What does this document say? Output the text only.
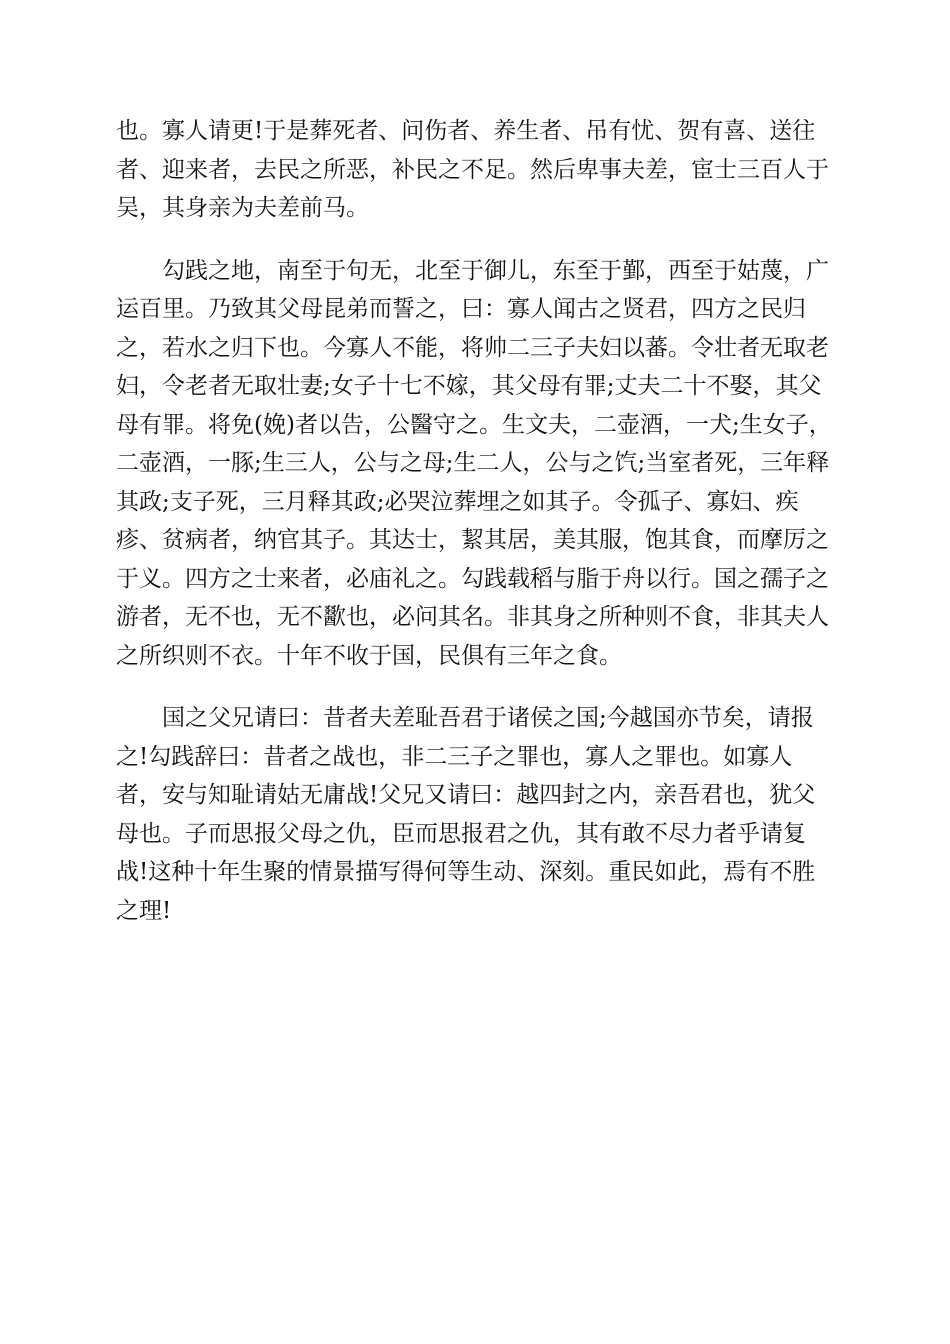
也。寡人请更!于是葬死者、问伤者、养生者、吊有忧、贺有喜、送往者、迎来者，去民之所恶，补民之不足。然后卑事夫差，宦士三百人于吴，其身亲为夫差前马。

勾践之地，南至于句无，北至于御儿，东至于鄞，西至于姑蔑，广运百里。乃致其父母昆弟而誓之，曰：寡人闻古之贤君，四方之民归之，若水之归下也。今寡人不能，将帅二三子夫妇以蕃。令壮者无取老妇，令老者无取壮妻;女子十七不嫁，其父母有罪;丈夫二十不娶，其父母有罪。将免(娩)者以告，公醫守之。生文夫，二壶酒，一犬;生女子，二壶酒，一豚;生三人，公与之母;生二人，公与之饩;当室者死，三年释其政;支子死，三月释其政;必哭泣葬埋之如其子。令孤子、寡妇、疾疹、贫病者，纳官其子。其达士，絜其居，美其服，饱其食，而摩厉之于义。四方之士来者，必庙礼之。勾践载稻与脂于舟以行。国之孺子之游者，无不也，无不歠也，必问其名。非其身之所种则不食，非其夫人之所织则不衣。十年不收于国，民俱有三年之食。

国之父兄请曰：昔者夫差耻吾君于诸侯之国;今越国亦节矣，请报之!勾践辞曰：昔者之战也，非二三子之罪也，寡人之罪也。如寡人者，安与知耻请姑无庸战!父兄又请曰：越四封之内，亲吾君也，犹父母也。子而思报父母之仇，臣而思报君之仇，其有敢不尽力者乎请复战!这种十年生聚的情景描写得何等生动、深刻。重民如此，焉有不胜之理!
